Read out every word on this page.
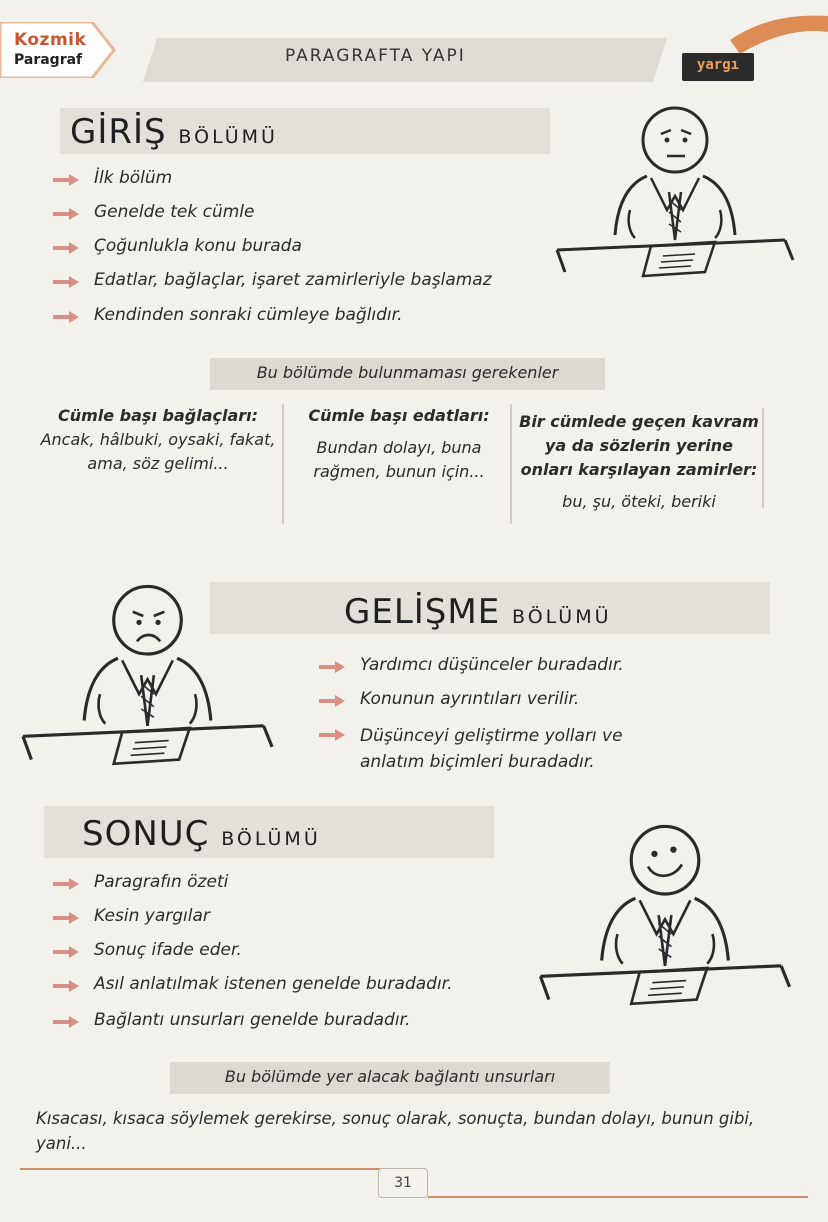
Kozmik
Paragraf	PARAGRAFTA YAPI	yargı
GİRİŞ BÖLÜMÜ
İlk bölüm
Genelde tek cümle
Çoğunlukla konu burada
Edatlar, bağlaçlar, işaret zamirleriyle başlamaz
Kendinden sonraki cümleye bağlıdır.
Bu bölümde bulunmaması gerekenler
Cümle başı bağlaçları:
Ancak, hâlbuki, oysaki, fakat, ama, söz gelimi...
Cümle başı edatları:

Bundan dolayı, buna rağmen, bunun için...
Bir cümlede geçen kavram ya da sözlerin yerine onları karşılayan zamirler:

bu, şu, öteki, beriki
GELİŞME BÖLÜMÜ
Yardımcı düşünceler buradadır.
Konunun ayrıntıları verilir.
Düşünceyi geliştirme yolları ve anlatım biçimleri buradadır.
SONUÇ BÖLÜMÜ
Paragrafın özeti
Kesin yargılar
Sonuç ifade eder.
Asıl anlatılmak istenen genelde buradadır.
Bağlantı unsurları genelde buradadır.
Bu bölümde yer alacak bağlantı unsurları
Kısacası, kısaca söylemek gerekirse, sonuç olarak, sonuçta, bundan dolayı, bunun gibi, yani...
31
